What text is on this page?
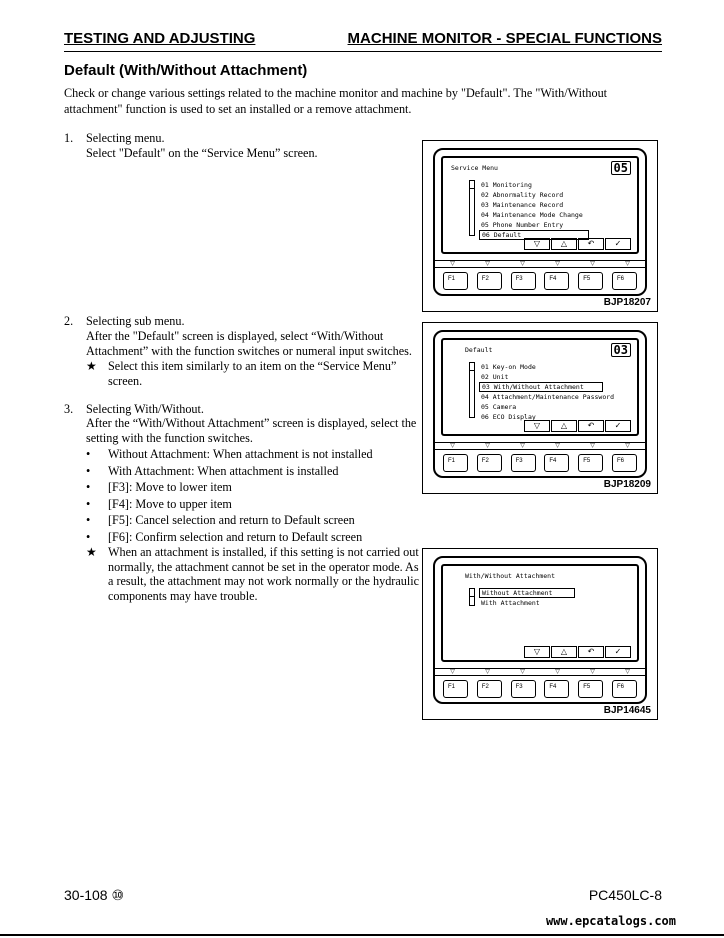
TESTING AND ADJUSTING	MACHINE MONITOR - SPECIAL FUNCTIONS
Default (With/Without Attachment)
Check or change various settings related to the machine monitor and machine by "Default". The "With/Without attachment" function is used to set an installed or a remove attachment.
1. Selecting menu.
Select "Default" on the “Service Menu” screen.
2. Selecting sub menu.
After the "Default" screen is displayed, select “With/Without
Attachment” with the function switches or numeral input switches.
★ Select this item similarly to an item on the “Service Menu”
screen.
3. Selecting With/Without.
After the “With/Without Attachment” screen is displayed, select the
setting with the function switches.
• Without Attachment: When attachment is not installed
• With Attachment: When attachment is installed
• [F3]: Move to lower item
• [F4]: Move to upper item
• [F5]: Cancel selection and return to Default screen
• [F6]: Confirm selection and return to Default screen
★ When an attachment is installed, if this setting is not carried out
normally, the attachment cannot be set in the operator mode. As
a result, the attachment may not work normally or the hydraulic
components may have trouble.
Service Menu	05
01 Monitoring
02 Abnormality Record
03 Maintenance Record
04 Maintenance Mode Change
05 Phone Number Entry
06 Default
▽	△	↶	✓
▽	▽	▽	▽	▽	▽
F1	F2	F3	F4	F5	F6
BJP18207
Default	03
01 Key-on Mode
02 Unit
03 With/Without Attachment
04 Attachment/Maintenance Password
05 Camera
06 ECO Display
▽	△	↶	✓
▽	▽	▽	▽	▽	▽
F1	F2	F3	F4	F5	F6
BJP18209
With/Without Attachment
Without Attachment
With Attachment
▽	△	↶	✓
▽	▽	▽	▽	▽	▽
F1	F2	F3	F4	F5	F6
BJP14645
30-108 ⑩	PC450LC-8
www.epcatalogs.com
